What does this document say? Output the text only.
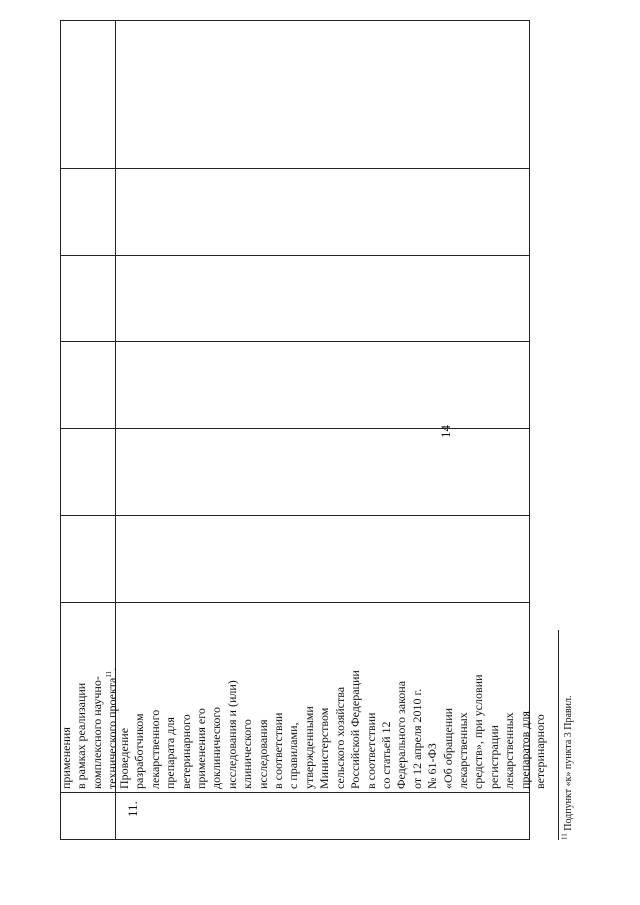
14
применения в рамках реализации комплексного научно- технического проекта$^{11}$.
11.
Проведение разработчиком лекарственного препарата для ветеринарного применения его доклинического исследования и (или) клинического исследования в соответствии с правилами, утвержденными Министерством сельского хозяйства Российской Федерации в соответствии со статьей 12 Федерального закона от 12 апреля 2010 г. № 61-ФЗ «Об обращении лекарственных средств», при условии регистрации лекарственных препаратов для ветеринарного
$^{11}$ Подпункт «к» пункта 3 Правил.
